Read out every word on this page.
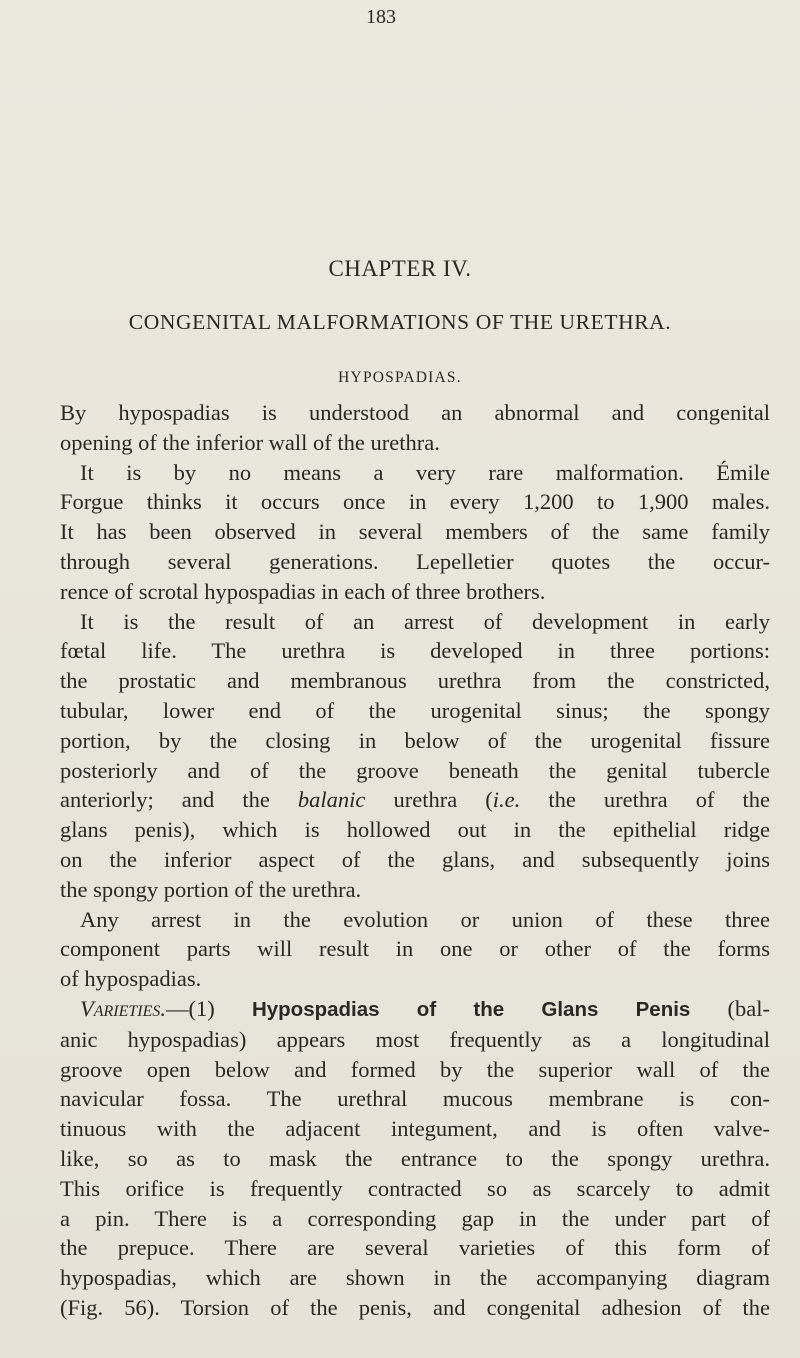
183
CHAPTER IV.
CONGENITAL MALFORMATIONS OF THE URETHRA.
HYPOSPADIAS.
By hypospadias is understood an abnormal and congenital
opening of the inferior wall of the urethra.
It is by no means a very rare malformation. Émile
Forgue thinks it occurs once in every 1,200 to 1,900 males.
It has been observed in several members of the same family
through several generations. Lepelletier quotes the occur-
rence of scrotal hypospadias in each of three brothers.
It is the result of an arrest of development in early
fœtal life. The urethra is developed in three portions:
the prostatic and membranous urethra from the constricted,
tubular, lower end of the urogenital sinus; the spongy
portion, by the closing in below of the urogenital fissure
posteriorly and of the groove beneath the genital tubercle
anteriorly; and the balanic urethra (i.e. the urethra of the
glans penis), which is hollowed out in the epithelial ridge
on the inferior aspect of the glans, and subsequently joins
the spongy portion of the urethra.
Any arrest in the evolution or union of these three
component parts will result in one or other of the forms
of hypospadias.
Varieties.—(1) Hypospadias of the Glans Penis (bal-
anic hypospadias) appears most frequently as a longitudinal
groove open below and formed by the superior wall of the
navicular fossa. The urethral mucous membrane is con-
tinuous with the adjacent integument, and is often valve-
like, so as to mask the entrance to the spongy urethra.
This orifice is frequently contracted so as scarcely to admit
a pin. There is a corresponding gap in the under part of
the prepuce. There are several varieties of this form of
hypospadias, which are shown in the accompanying diagram
(Fig. 56). Torsion of the penis, and congenital adhesion of the
